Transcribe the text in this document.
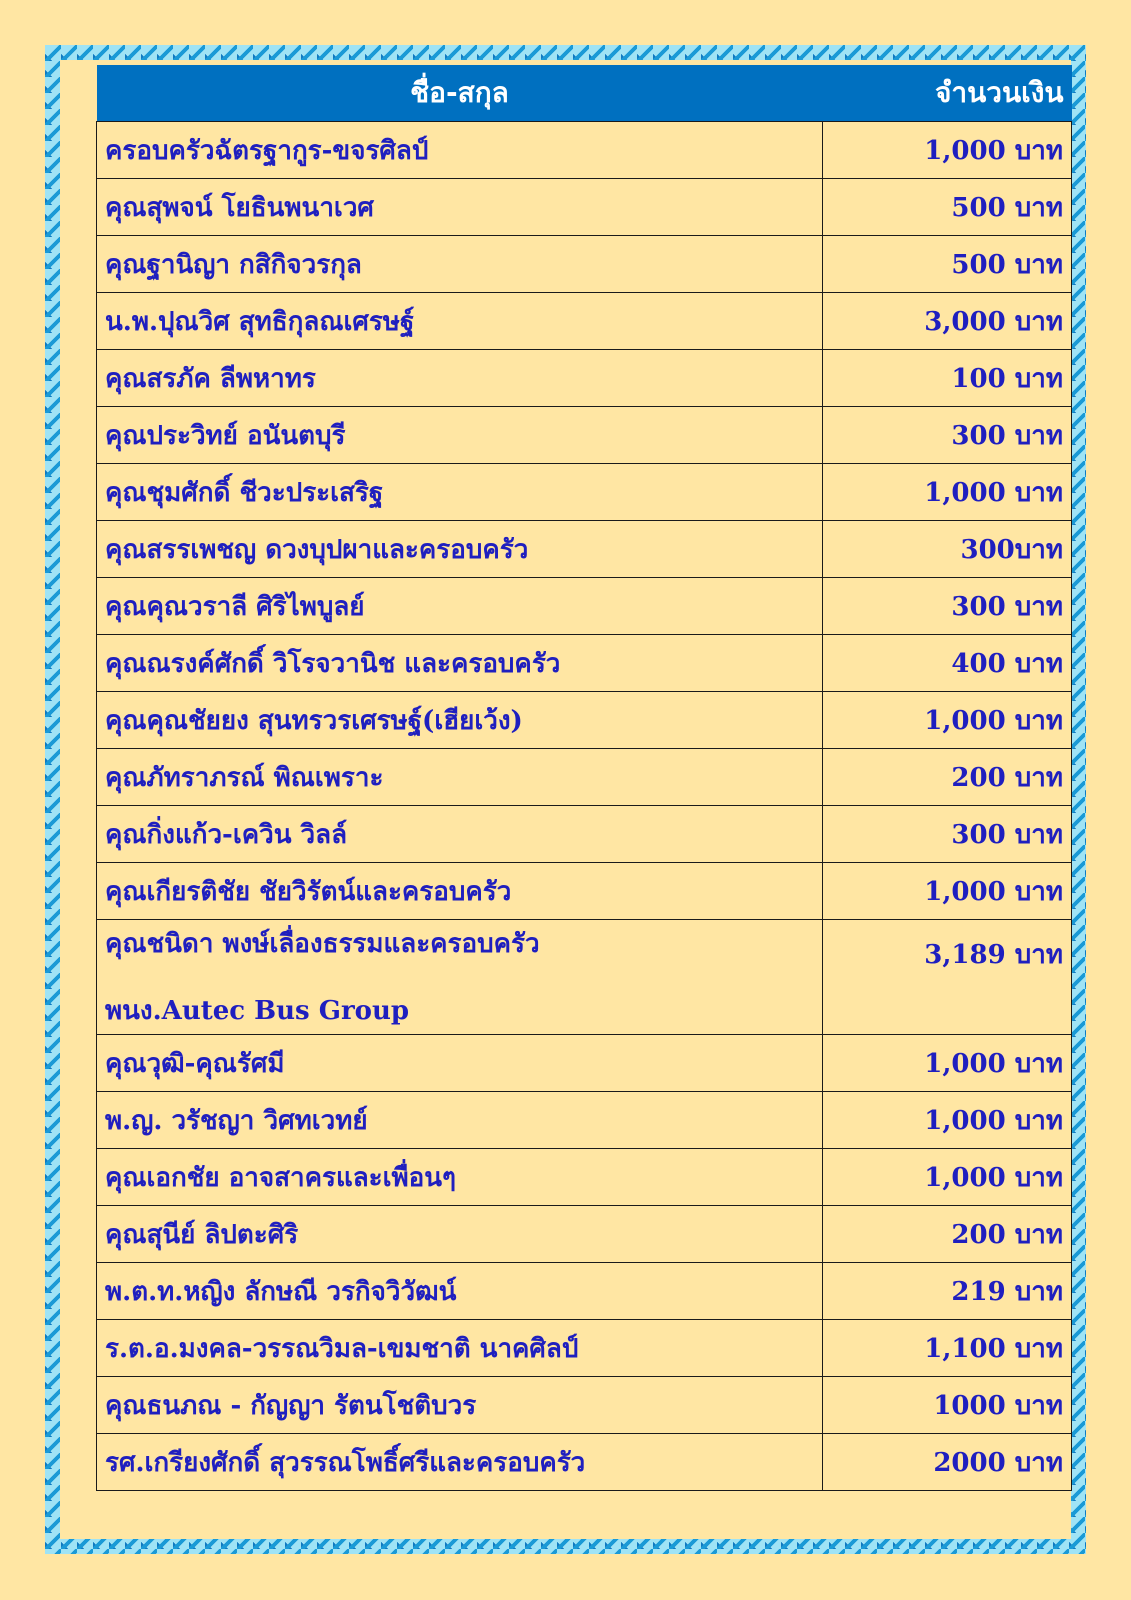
ชื่อ-สกุล	จำนวนเงิน
ครอบครัวฉัตรฐากูร-ขจรศิลป์	1,000 บาท
คุณสุพจน์ โยธินพนาเวศ	500 บาท
คุณฐานิญา กสิกิจวรกุล	500 บาท
น.พ.ปุณวิศ สุทธิกุลณเศรษฐ์	3,000 บาท
คุณสรภัค ลีพหาทร	100 บาท
คุณประวิทย์ อนันตบุรี	300 บาท
คุณชุมศักดิ์ ชีวะประเสริฐ	1,000 บาท
คุณสรรเพชญ ดวงบุปผาและครอบครัว	300บาท
คุณคุณวราลี ศิริไพบูลย์	300 บาท
คุณณรงค์ศักดิ์ วิโรจวานิช และครอบครัว	400 บาท
คุณคุณชัยยง สุนทรวรเศรษฐ์(เฮียเว้ง)	1,000 บาท
คุณภัทราภรณ์ พิณเพราะ	200 บาท
คุณกิ่งแก้ว-เควิน วิลล์	300 บาท
คุณเกียรติชัย ชัยวิรัตน์และครอบครัว	1,000 บาท
คุณชนิดา พงษ์เลื่องธรรมและครอบครัว
พนง.Autec Bus Group	3,189 บาท
คุณวุฒิ-คุณรัศมี	1,000 บาท
พ.ญ. วรัชญา วิศทเวทย์	1,000 บาท
คุณเอกชัย อาจสาครและเพื่อนๆ	1,000 บาท
คุณสุนีย์ ลิปตะศิริ	200 บาท
พ.ต.ท.หญิง ลักษณี วรกิจวิวัฒน์	219 บาท
ร.ต.อ.มงคล-วรรณวิมล-เขมชาติ นาคศิลป์	1,100 บาท
คุณธนภณ - กัญญา รัตนโชติบวร	1000 บาท
รศ.เกรียงศักดิ์ สุวรรณโพธิ์ศรีและครอบครัว	2000 บาท
